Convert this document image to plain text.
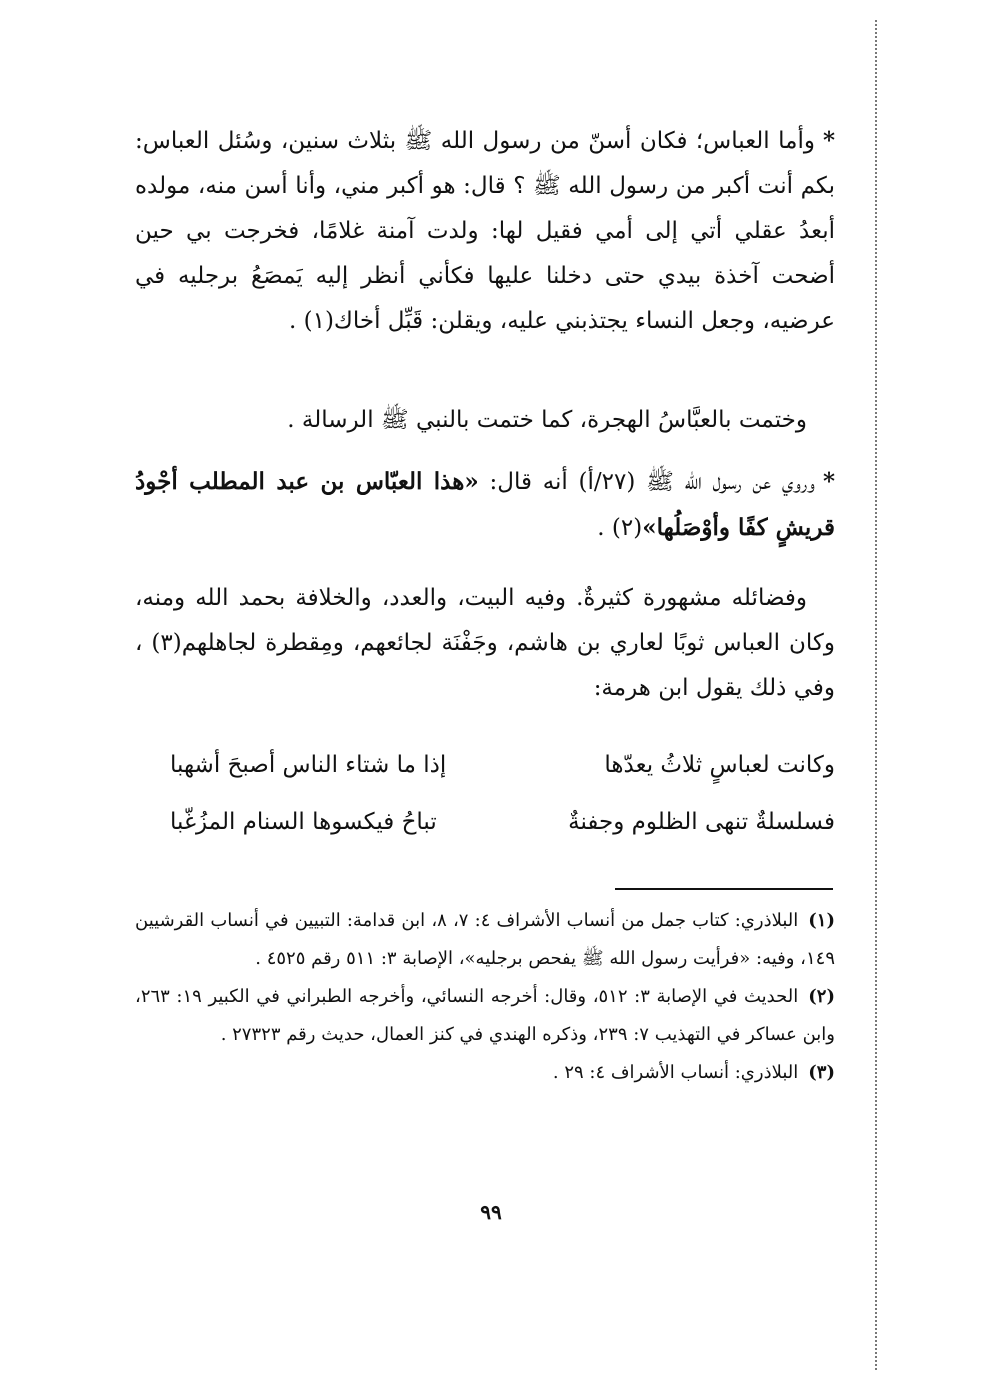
*وأما العباس؛ فكان أسنّ من رسول الله ﷺ بثلاث سنين، وسُئل العباس: بكم أنت أكبر من رسول الله ﷺ ؟ قال: هو أكبر مني، وأنا أسن منه، مولده أبعدُ عقلي أتي إلى أمي فقيل لها: ولدت آمنة غلامًا، فخرجت بي حين أضحت آخذة بيدي حتى دخلنا عليها فكأني أنظر إليه يَمصَعُ برجليه في عرضيه، وجعل النساء يجتذبني عليه، ويقلن: قَبِّل أخاك(١) .

وختمت بالعبَّاسُ الهجرة، كما ختمت بالنبي ﷺ الرسالة .

*وروي عن رسول الله ﷺ (٢٧/أ) أنه قال: «هذا العبّاس بن عبد المطلب أجْودُ قريشٍ كفًا وأوْصَلُها»(٢) .

وفضائله مشهورة كثيرةٌ. وفيه البيت، والعدد، والخلافة بحمد الله ومنه، وكان العباس ثوبًا لعاري بن هاشم، وجَفْنَة لجائعهم، ومِقطرة لجاهلهم(٣) ، وفي ذلك يقول ابن هرمة:

وكانت لعباسٍ ثلاثُ يعدّها
إذا ما شتاء الناس أصبحَ أشهبا
فسلسلةٌ تنهى الظلوم وجفنةٌ
تباحُ فيكسوها السنام المزُغّبا

(١)البلاذري: كتاب جمل من أنساب الأشراف ٤: ٧، ٨، ابن قدامة: التبيين في أنساب القرشيين ١٤٩، وفيه: «فرأيت رسول الله ﷺ يفحص برجليه»، الإصابة ٣: ٥١١ رقم ٤٥٢٥ .

(٢)الحديث في الإصابة ٣: ٥١٢، وقال: أخرجه النسائي، وأخرجه الطبراني في الكبير ١٩: ٢٦٣، وابن عساكر في التهذيب ٧: ٢٣٩، وذكره الهندي في كنز العمال، حديث رقم ٢٧٣٢٣ .

(٣)البلاذري: أنساب الأشراف ٤: ٢٩ .

٩٩
